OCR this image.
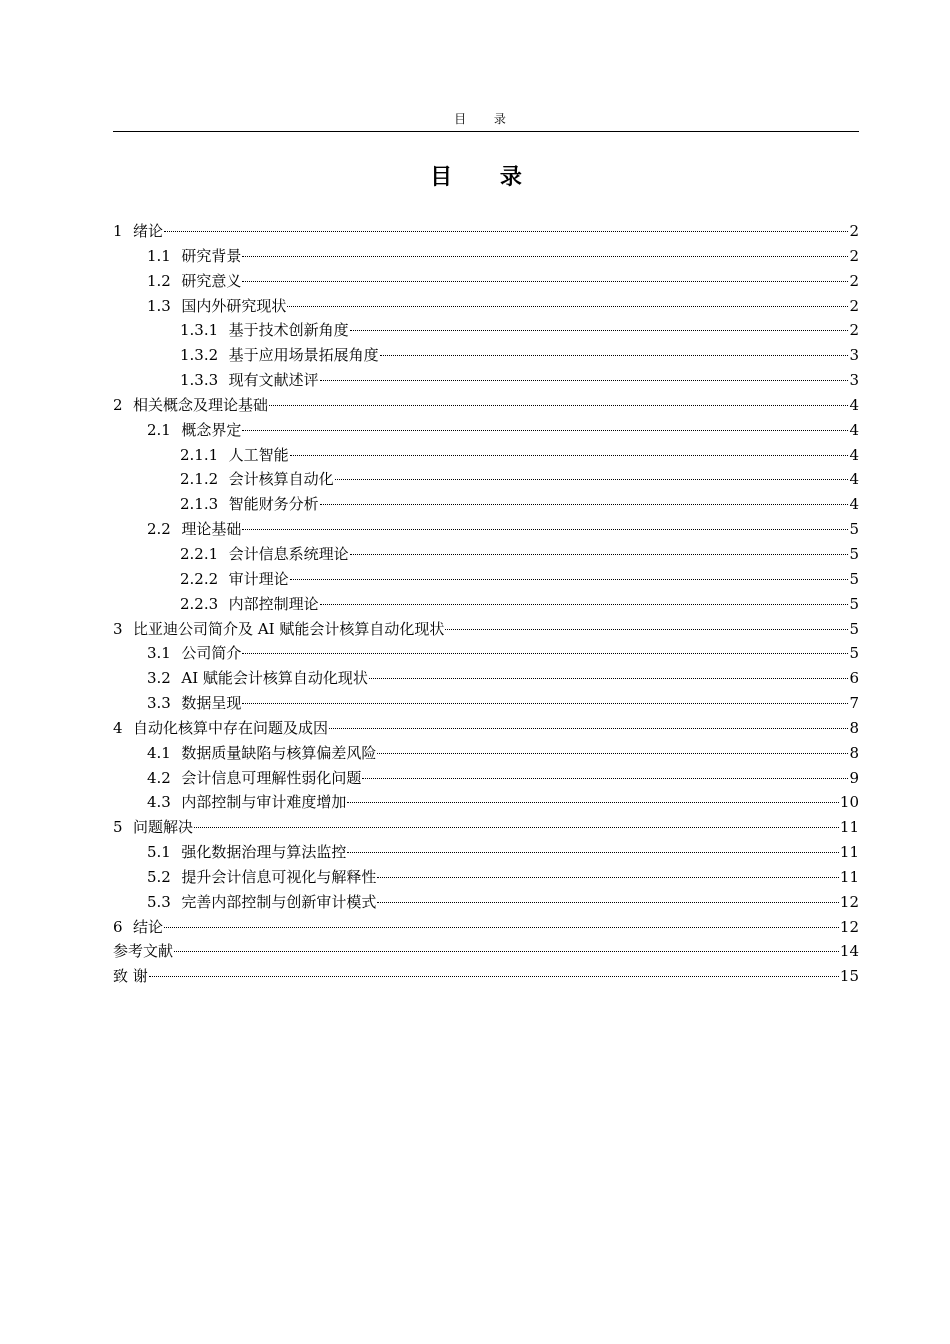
目 录
目 录
1 绪论	2
1.1 研究背景	2
1.2 研究意义	2
1.3 国内外研究现状	2
1.3.1 基于技术创新角度	2
1.3.2 基于应用场景拓展角度	3
1.3.3 现有文献述评	3
2 相关概念及理论基础	4
2.1 概念界定	4
2.1.1 人工智能	4
2.1.2 会计核算自动化	4
2.1.3 智能财务分析	4
2.2 理论基础	5
2.2.1 会计信息系统理论	5
2.2.2 审计理论	5
2.2.3 内部控制理论	5
3 比亚迪公司简介及 AI 赋能会计核算自动化现状	5
3.1 公司简介	5
3.2 AI 赋能会计核算自动化现状	6
3.3 数据呈现	7
4 自动化核算中存在问题及成因	8
4.1 数据质量缺陷与核算偏差风险	8
4.2 会计信息可理解性弱化问题	9
4.3 内部控制与审计难度增加	10
5 问题解决	11
5.1 强化数据治理与算法监控	11
5.2 提升会计信息可视化与解释性	11
5.3 完善内部控制与创新审计模式	12
6 结论	12
参考文献	14
致 谢	15
